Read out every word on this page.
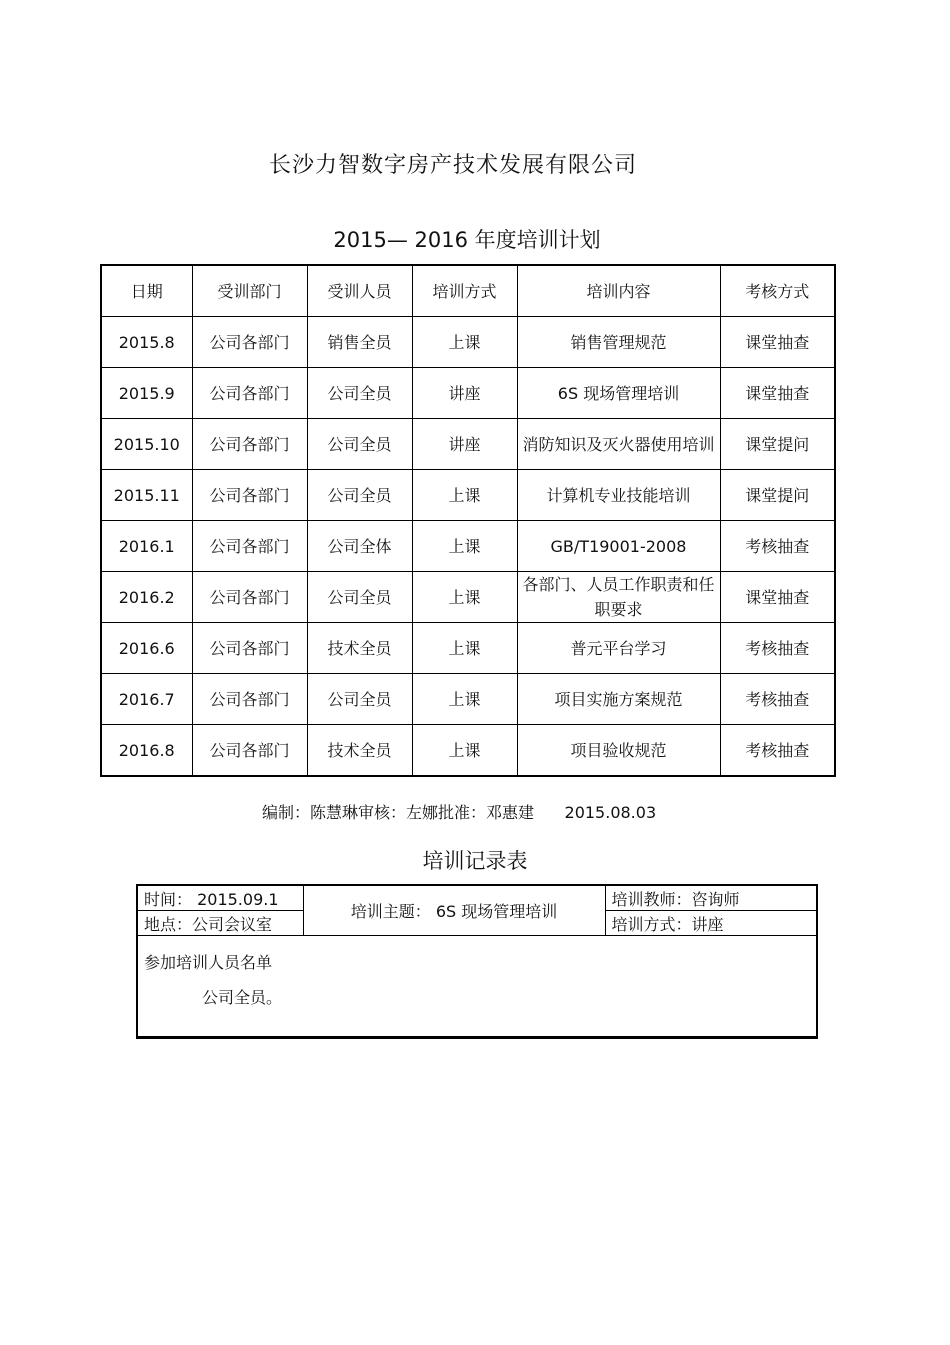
长沙力智数字房产技术发展有限公司
2015— 2016 年度培训计划
日期	受训部门	受训人员	培训方式	培训内容	考核方式
2015.8	公司各部门	销售全员	上课	销售管理规范	课堂抽查
2015.9	公司各部门	公司全员	讲座	6S 现场管理培训	课堂抽查
2015.10	公司各部门	公司全员	讲座	消防知识及灭火器使用培训	课堂提问
2015.11	公司各部门	公司全员	上课	计算机专业技能培训	课堂提问
2016.1	公司各部门	公司全体	上课	GB/T19001-2008	考核抽查
2016.2	公司各部门	公司全员	上课	各部门、人员工作职责和任职要求	课堂抽查
2016.6	公司各部门	技术全员	上课	普元平台学习	考核抽查
2016.7	公司各部门	公司全员	上课	项目实施方案规范	考核抽查
2016.8	公司各部门	技术全员	上课	项目验收规范	考核抽查
编制：陈慧琳审核：左娜批准：邓惠建      2015.08.03
培训记录表
时间： 2015.09.1	培训主题： 6S 现场管理培训	培训教师：咨询师
地点：公司会议室		培训方式：讲座

参加培训人员名单
公司全员。		
